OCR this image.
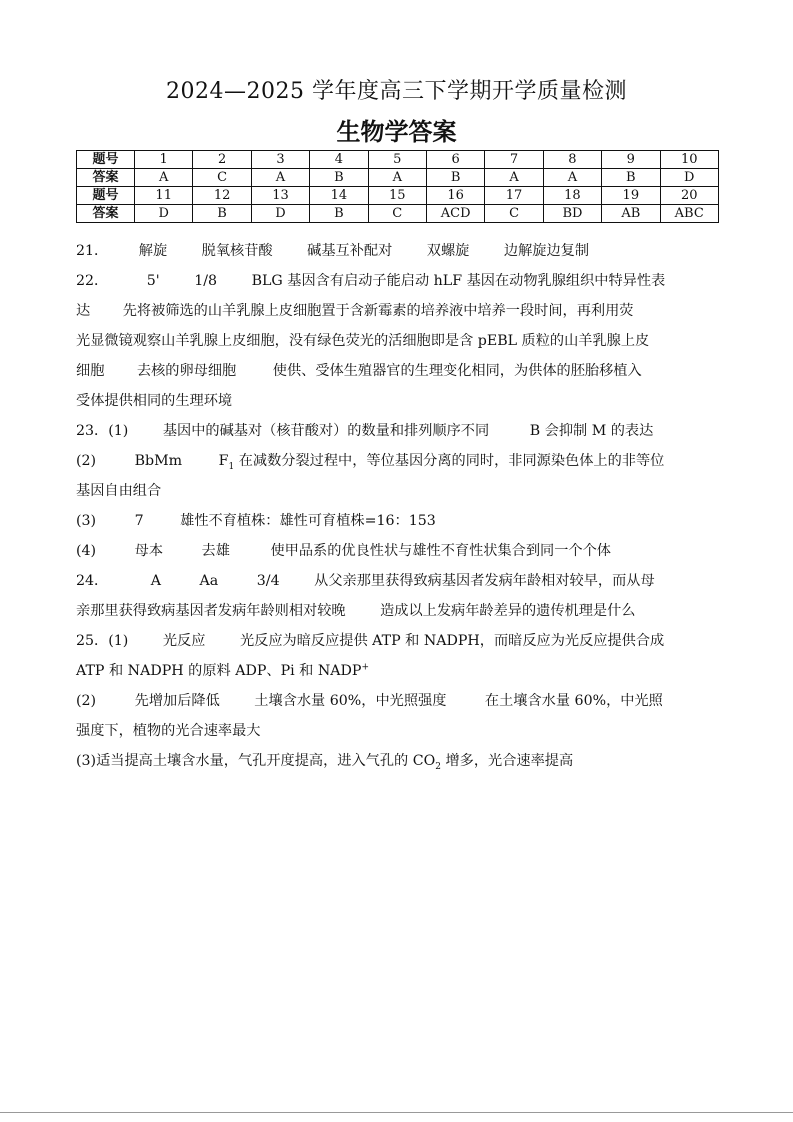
2024—2025 学年度高三下学期开学质量检测
生物学答案
题号	1	2	3	4	5	6	7	8	9	10
答案	A	C	A	B	A	B	A	A	B	D
题号	11	12	13	14	15	16	17	18	19	20
答案	D	B	D	B	C	ACD	C	BD	AB	ABC

21． 解旋 脱氧核苷酸 碱基互补配对 双螺旋 边解旋边复制

22．	5' 1/8 BLG 基因含有启动子能启动 hLF 基因在动物乳腺组织中特异性表

达 先将被筛选的山羊乳腺上皮细胞置于含新霉素的培养液中培养一段时间，再利用荧

光显微镜观察山羊乳腺上皮细胞，没有绿色荧光的活细胞即是含 pEBL 质粒的山羊乳腺上皮

细胞 去核的卵母细胞	使供、受体生殖器官的生理变化相同，为供体的胚胎移植入

受体提供相同的生理环境

23．(1) 基因中的碱基对（核苷酸对）的数量和排列顺序不同	B 会抑制 M 的表达

(2)	BbMm	$F_1$ 在减数分裂过程中，等位基因分离的同时，非同源染色体上的非等位

基因自由组合

(3)	7	雄性不育植株：雄性可育植株=16：153

(4)	母本	去雄	使甲品系的优良性状与雄性不育性状集合到同一个个体

24．	A	Aa	3/4 从父亲那里获得致病基因者发病年龄相对较早，而从母

亲那里获得致病基因者发病年龄则相对较晚 造成以上发病年龄差异的遗传机理是什么

25．(1) 光反应 光反应为暗反应提供 ATP 和 NADPH，而暗反应为光反应提供合成

ATP 和 NADPH 的原料 ADP、Pi 和 NADP+

(2)	先增加后降低 土壤含水量 60%，中光照强度	在土壤含水量 60%，中光照

强度下，植物的光合速率最大

(3)适当提高土壤含水量，气孔开度提高，进入气孔的 $CO_2$ 增多，光合速率提高
